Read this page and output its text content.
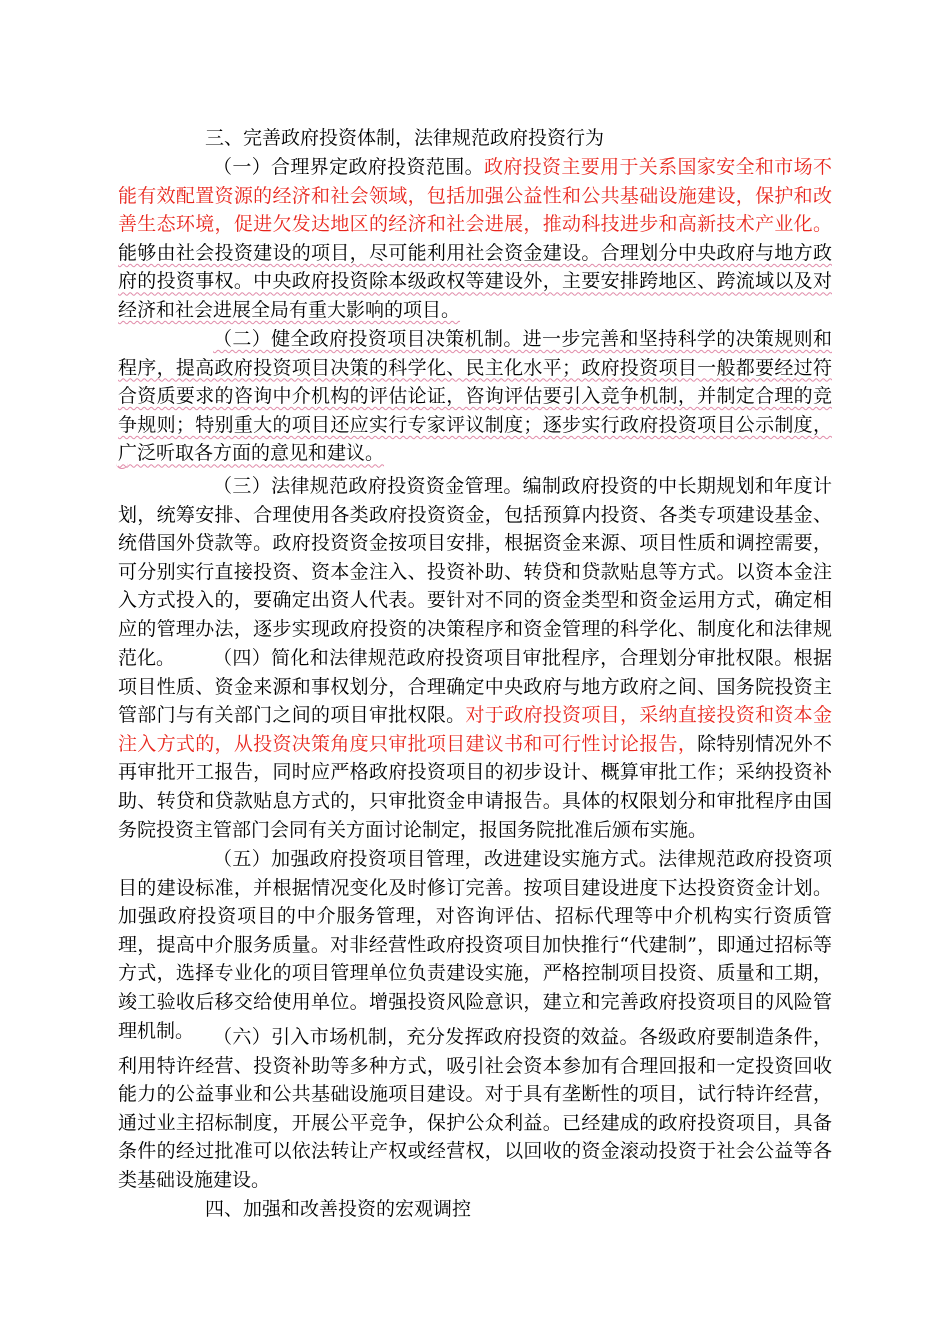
三、完善政府投资体制，法律规范政府投资行为

（一）合理界定政府投资范围。政府投资主要用于关系国家安全和市场不能有效配置资源的经济和社会领域，包括加强公益性和公共基础设施建设，保护和改善生态环境，促进欠发达地区的经济和社会进展，推动科技进步和高新技术产业化。能够由社会投资建设的项目，尽可能利用社会资金建设。合理划分中央政府与地方政府的投资事权。中央政府投资除本级政权等建设外，主要安排跨地区、跨流域以及对经济和社会进展全局有重大影响的项目。

（二）健全政府投资项目决策机制。进一步完善和坚持科学的决策规则和程序，提高政府投资项目决策的科学化、民主化水平；政府投资项目一般都要经过符合资质要求的咨询中介机构的评估论证，咨询评估要引入竞争机制，并制定合理的竞争规则；特别重大的项目还应实行专家评议制度；逐步实行政府投资项目公示制度，广泛听取各方面的意见和建议。

（三）法律规范政府投资资金管理。编制政府投资的中长期规划和年度计划，统筹安排、合理使用各类政府投资资金，包括预算内投资、各类专项建设基金、统借国外贷款等。政府投资资金按项目安排，根据资金来源、项目性质和调控需要，可分别实行直接投资、资本金注入、投资补助、转贷和贷款贴息等方式。以资本金注入方式投入的，要确定出资人代表。要针对不同的资金类型和资金运用方式，确定相应的管理办法，逐步实现政府投资的决策程序和资金管理的科学化、制度化和法律规范化。	（四）简化和法律规范政府投资项目审批程序，合理划分审批权限。根据项目性质、资金来源和事权划分，合理确定中央政府与地方政府之间、国务院投资主管部门与有关部门之间的项目审批权限。对于政府投资项目，采纳直接投资和资本金注入方式的，从投资决策角度只审批项目建议书和可行性讨论报告，除特别情况外不再审批开工报告，同时应严格政府投资项目的初步设计、概算审批工作；采纳投资补助、转贷和贷款贴息方式的，只审批资金申请报告。具体的权限划分和审批程序由国务院投资主管部门会同有关方面讨论制定，报国务院批准后颁布实施。

（五）加强政府投资项目管理，改进建设实施方式。法律规范政府投资项目的建设标准，并根据情况变化及时修订完善。按项目建设进度下达投资资金计划。加强政府投资项目的中介服务管理，对咨询评估、招标代理等中介机构实行资质管理，提高中介服务质量。对非经营性政府投资项目加快推行“代建制”，即通过招标等方式，选择专业化的项目管理单位负责建设实施，严格控制项目投资、质量和工期，竣工验收后移交给使用单位。增强投资风险意识，建立和完善政府投资项目的风险管理机制。 （六）引入市场机制，充分发挥政府投资的效益。各级政府要制造条件，利用特许经营、投资补助等多种方式，吸引社会资本参加有合理回报和一定投资回收能力的公益事业和公共基础设施项目建设。对于具有垄断性的项目，试行特许经营，通过业主招标制度，开展公平竞争，保护公众利益。已经建成的政府投资项目，具备条件的经过批准可以依法转让产权或经营权，以回收的资金滚动投资于社会公益等各类基础设施建设。

四、加强和改善投资的宏观调控
